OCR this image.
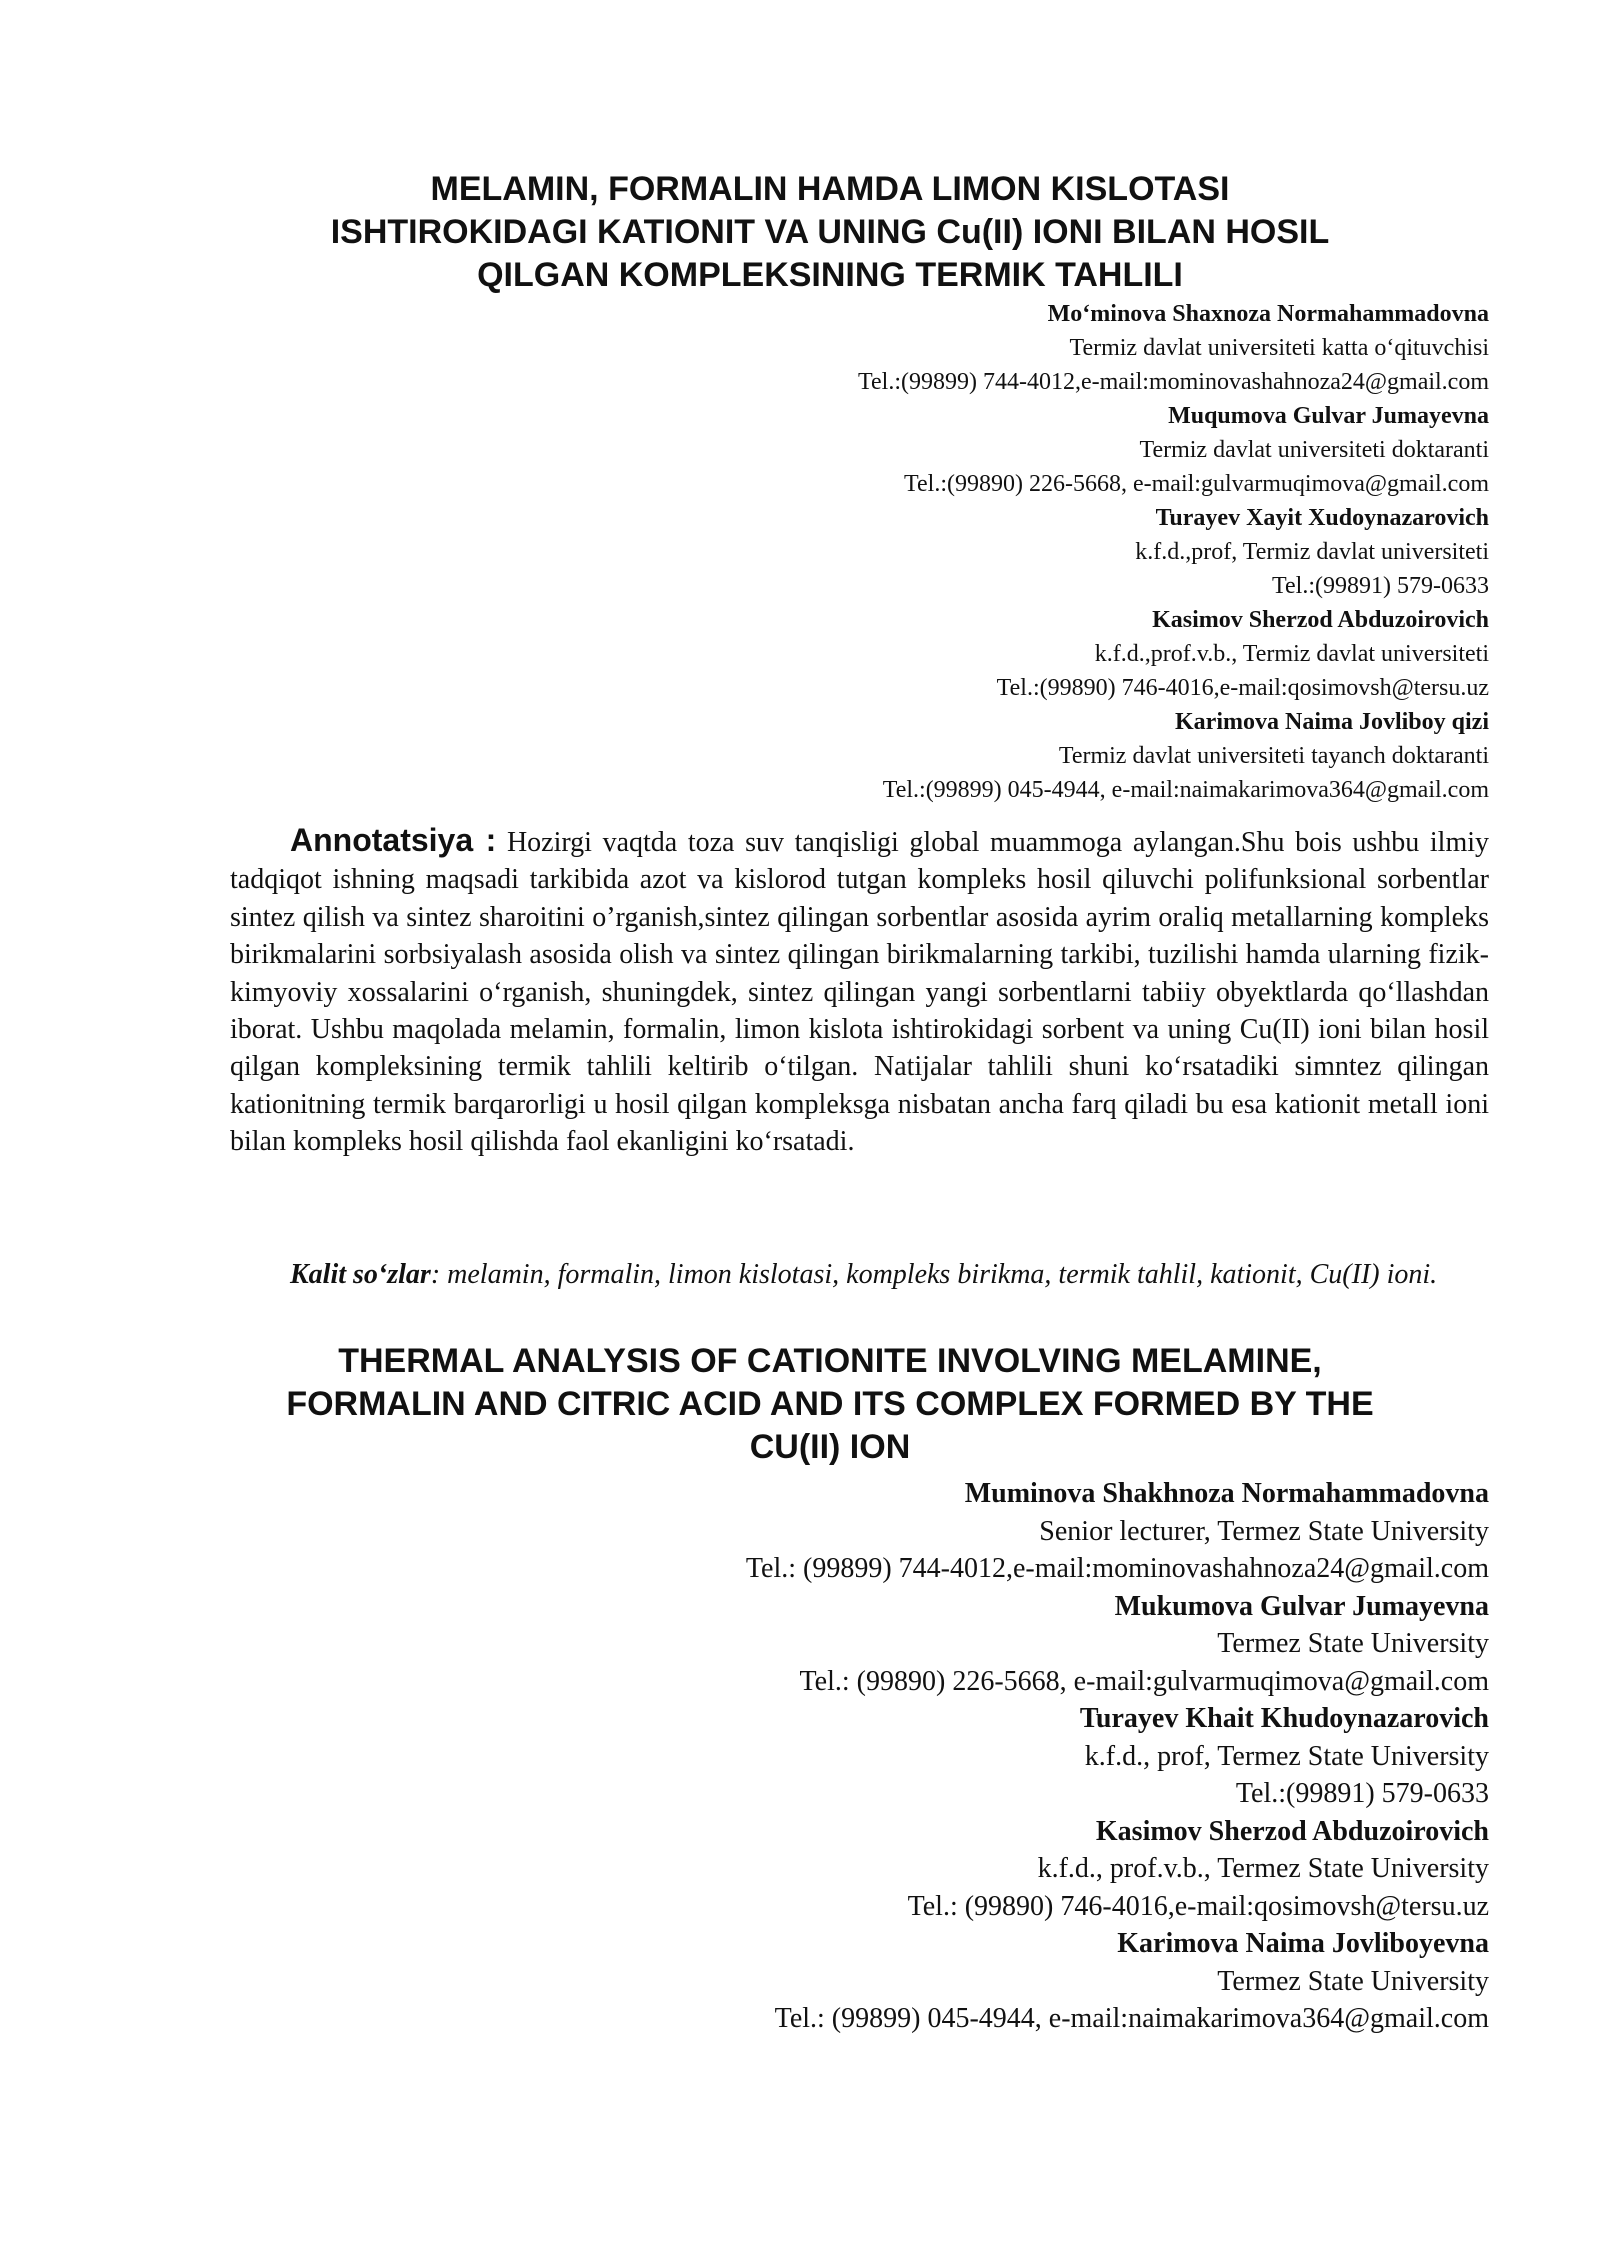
MELAMIN, FORMALIN HAMDA LIMON KISLOTASI
ISHTIROKIDAGI KATIONIT VA UNING Cu(II) IONI BILAN HOSIL
QILGAN KOMPLEKSINING TERMIK TAHLILI
Mo‘minova Shaxnoza Normahammadovna
Termiz davlat universiteti katta o‘qituvchisi
Tel.:(99899) 744-4012,e-mail:mominovashahnoza24@gmail.com
Muqumova Gulvar Jumayevna
Termiz davlat universiteti doktaranti
Tel.:(99890) 226-5668, e-mail:gulvarmuqimova@gmail.com
Turayev Xayit Xudoynazarovich
k.f.d.,prof, Termiz davlat universiteti
Tel.:(99891) 579-0633
Kasimov Sherzod Abduzoirovich
k.f.d.,prof.v.b., Termiz davlat universiteti
Tel.:(99890) 746-4016,e-mail:qosimovsh@tersu.uz
Karimova Naima Jovliboy qizi
Termiz davlat universiteti tayanch doktaranti
Tel.:(99899) 045-4944, e-mail:naimakarimova364@gmail.com

Annotatsiya : Hozirgi vaqtda toza suv tanqisligi global muammoga aylangan.Shu bois ushbu ilmiy tadqiqot ishning maqsadi tarkibida azot va kislorod tutgan kompleks hosil qiluvchi polifunksional sorbentlar sintez qilish va sintez sharoitini o’rganish,sintez qilingan sorbentlar asosida ayrim oraliq metallarning kompleks birikmalarini sorbsiyalash asosida olish va sintez qilingan birikmalarning tarkibi, tuzilishi hamda ularning fizik-kimyoviy xossalarini o‘rganish, shuningdek, sintez qilingan yangi sorbentlarni tabiiy obyektlarda qo‘llashdan iborat. Ushbu maqolada melamin, formalin, limon kislota ishtirokidagi sorbent va uning Cu(II) ioni bilan hosil qilgan kompleksining termik tahlili keltirib o‘tilgan. Natijalar tahlili shuni ko‘rsatadiki simntez qilingan kationitning termik barqarorligi u hosil qilgan kompleksga nisbatan ancha farq qiladi bu esa kationit metall ioni bilan kompleks hosil qilishda faol ekanligini ko‘rsatadi.

Kalit so‘zlar: melamin, formalin, limon kislotasi, kompleks birikma, termik tahlil, kationit, Cu(II) ioni.

THERMAL ANALYSIS OF CATIONITE INVOLVING MELAMINE,
FORMALIN AND CITRIC ACID AND ITS COMPLEX FORMED BY THE
CU(II) ION
Muminova Shakhnoza Normahammadovna
Senior lecturer, Termez State University
Tel.: (99899) 744-4012,e-mail:mominovashahnoza24@gmail.com
Mukumova Gulvar Jumayevna
Termez State University
Tel.: (99890) 226-5668, e-mail:gulvarmuqimova@gmail.com
Turayev Khait Khudoynazarovich
k.f.d., prof, Termez State University
Tel.:(99891) 579-0633
Kasimov Sherzod Abduzoirovich
k.f.d., prof.v.b., Termez State University
Tel.: (99890) 746-4016,e-mail:qosimovsh@tersu.uz
Karimova Naima Jovliboyevna
Termez State University
Tel.: (99899) 045-4944, e-mail:naimakarimova364@gmail.com
